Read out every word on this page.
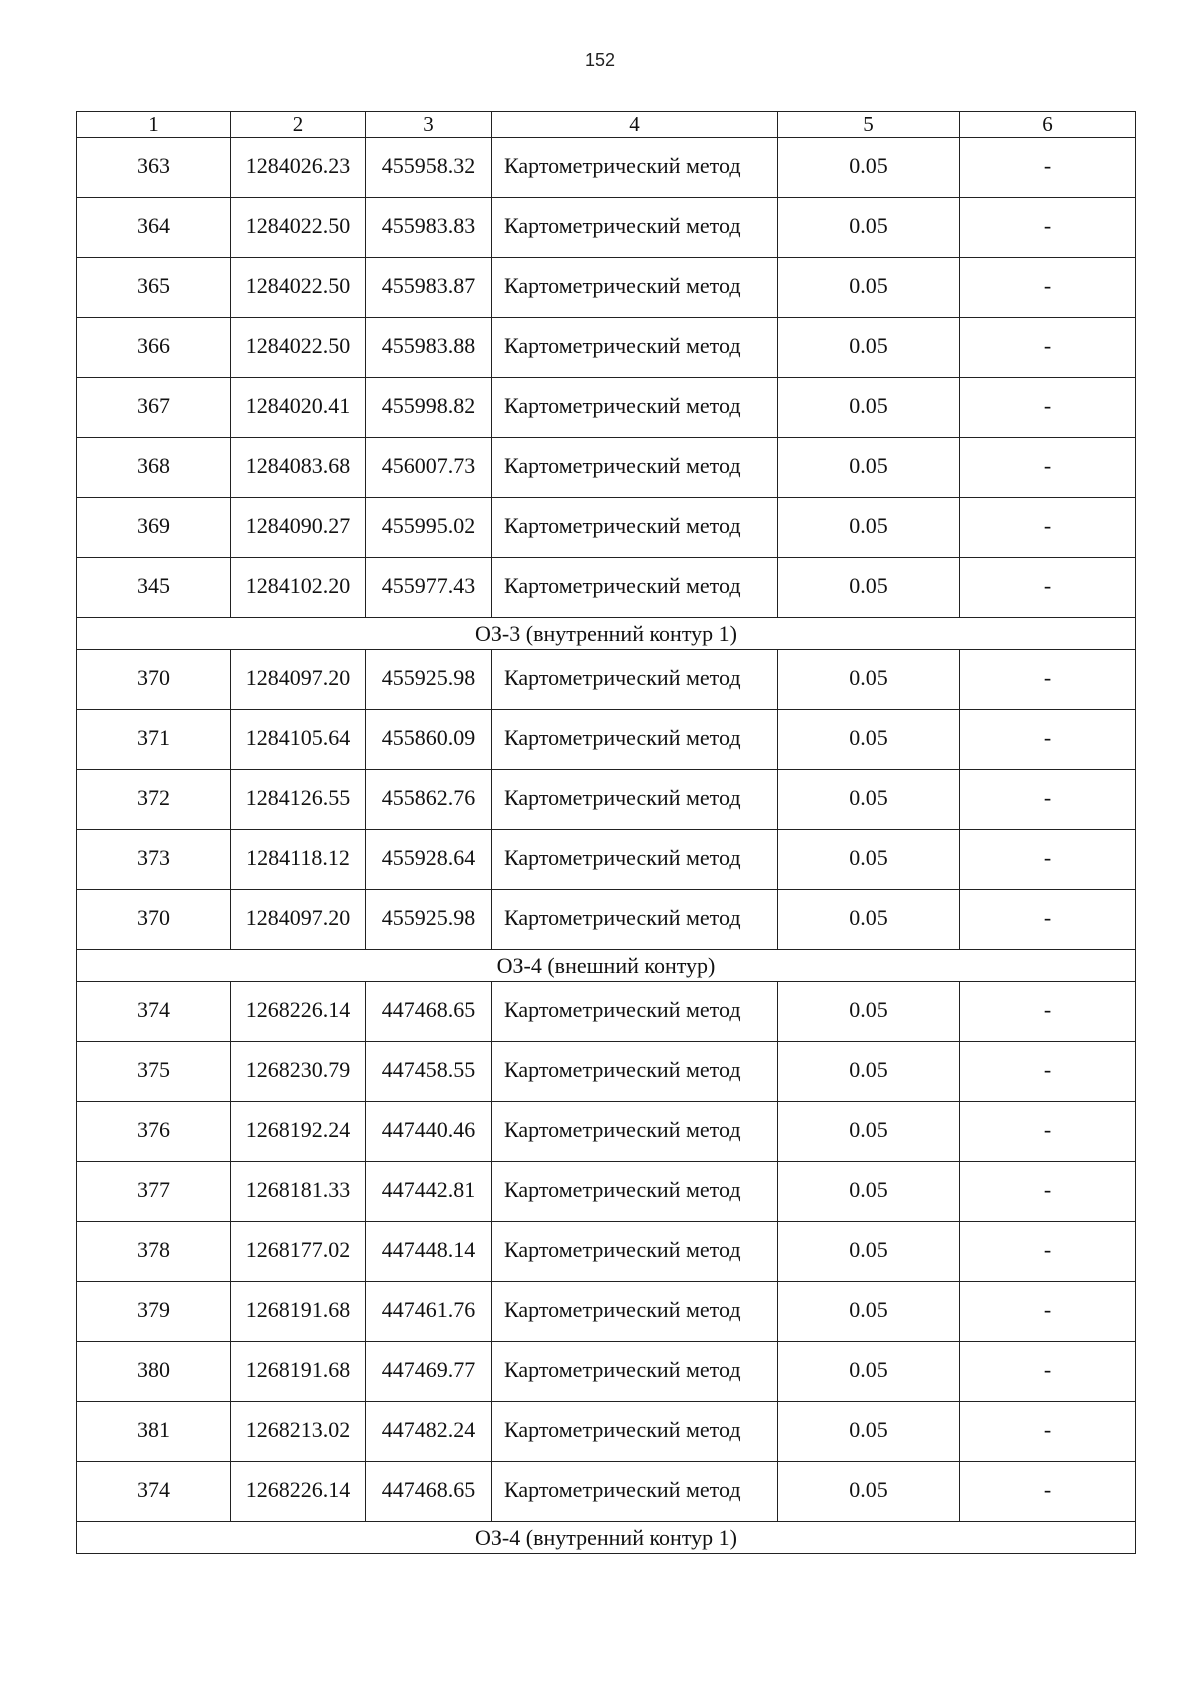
152
1	2	3	4	5	6
363	1284026.23	455958.32	Картометрический метод	0.05	-
364	1284022.50	455983.83	Картометрический метод	0.05	-
365	1284022.50	455983.87	Картометрический метод	0.05	-
366	1284022.50	455983.88	Картометрический метод	0.05	-
367	1284020.41	455998.82	Картометрический метод	0.05	-
368	1284083.68	456007.73	Картометрический метод	0.05	-
369	1284090.27	455995.02	Картометрический метод	0.05	-
345	1284102.20	455977.43	Картометрический метод	0.05	-
ОЗ-3 (внутренний контур 1)					
370	1284097.20	455925.98	Картометрический метод	0.05	-
371	1284105.64	455860.09	Картометрический метод	0.05	-
372	1284126.55	455862.76	Картометрический метод	0.05	-
373	1284118.12	455928.64	Картометрический метод	0.05	-
370	1284097.20	455925.98	Картометрический метод	0.05	-
ОЗ-4 (внешний контур)					
374	1268226.14	447468.65	Картометрический метод	0.05	-
375	1268230.79	447458.55	Картометрический метод	0.05	-
376	1268192.24	447440.46	Картометрический метод	0.05	-
377	1268181.33	447442.81	Картометрический метод	0.05	-
378	1268177.02	447448.14	Картометрический метод	0.05	-
379	1268191.68	447461.76	Картометрический метод	0.05	-
380	1268191.68	447469.77	Картометрический метод	0.05	-
381	1268213.02	447482.24	Картометрический метод	0.05	-
374	1268226.14	447468.65	Картометрический метод	0.05	-
ОЗ-4 (внутренний контур 1)					
